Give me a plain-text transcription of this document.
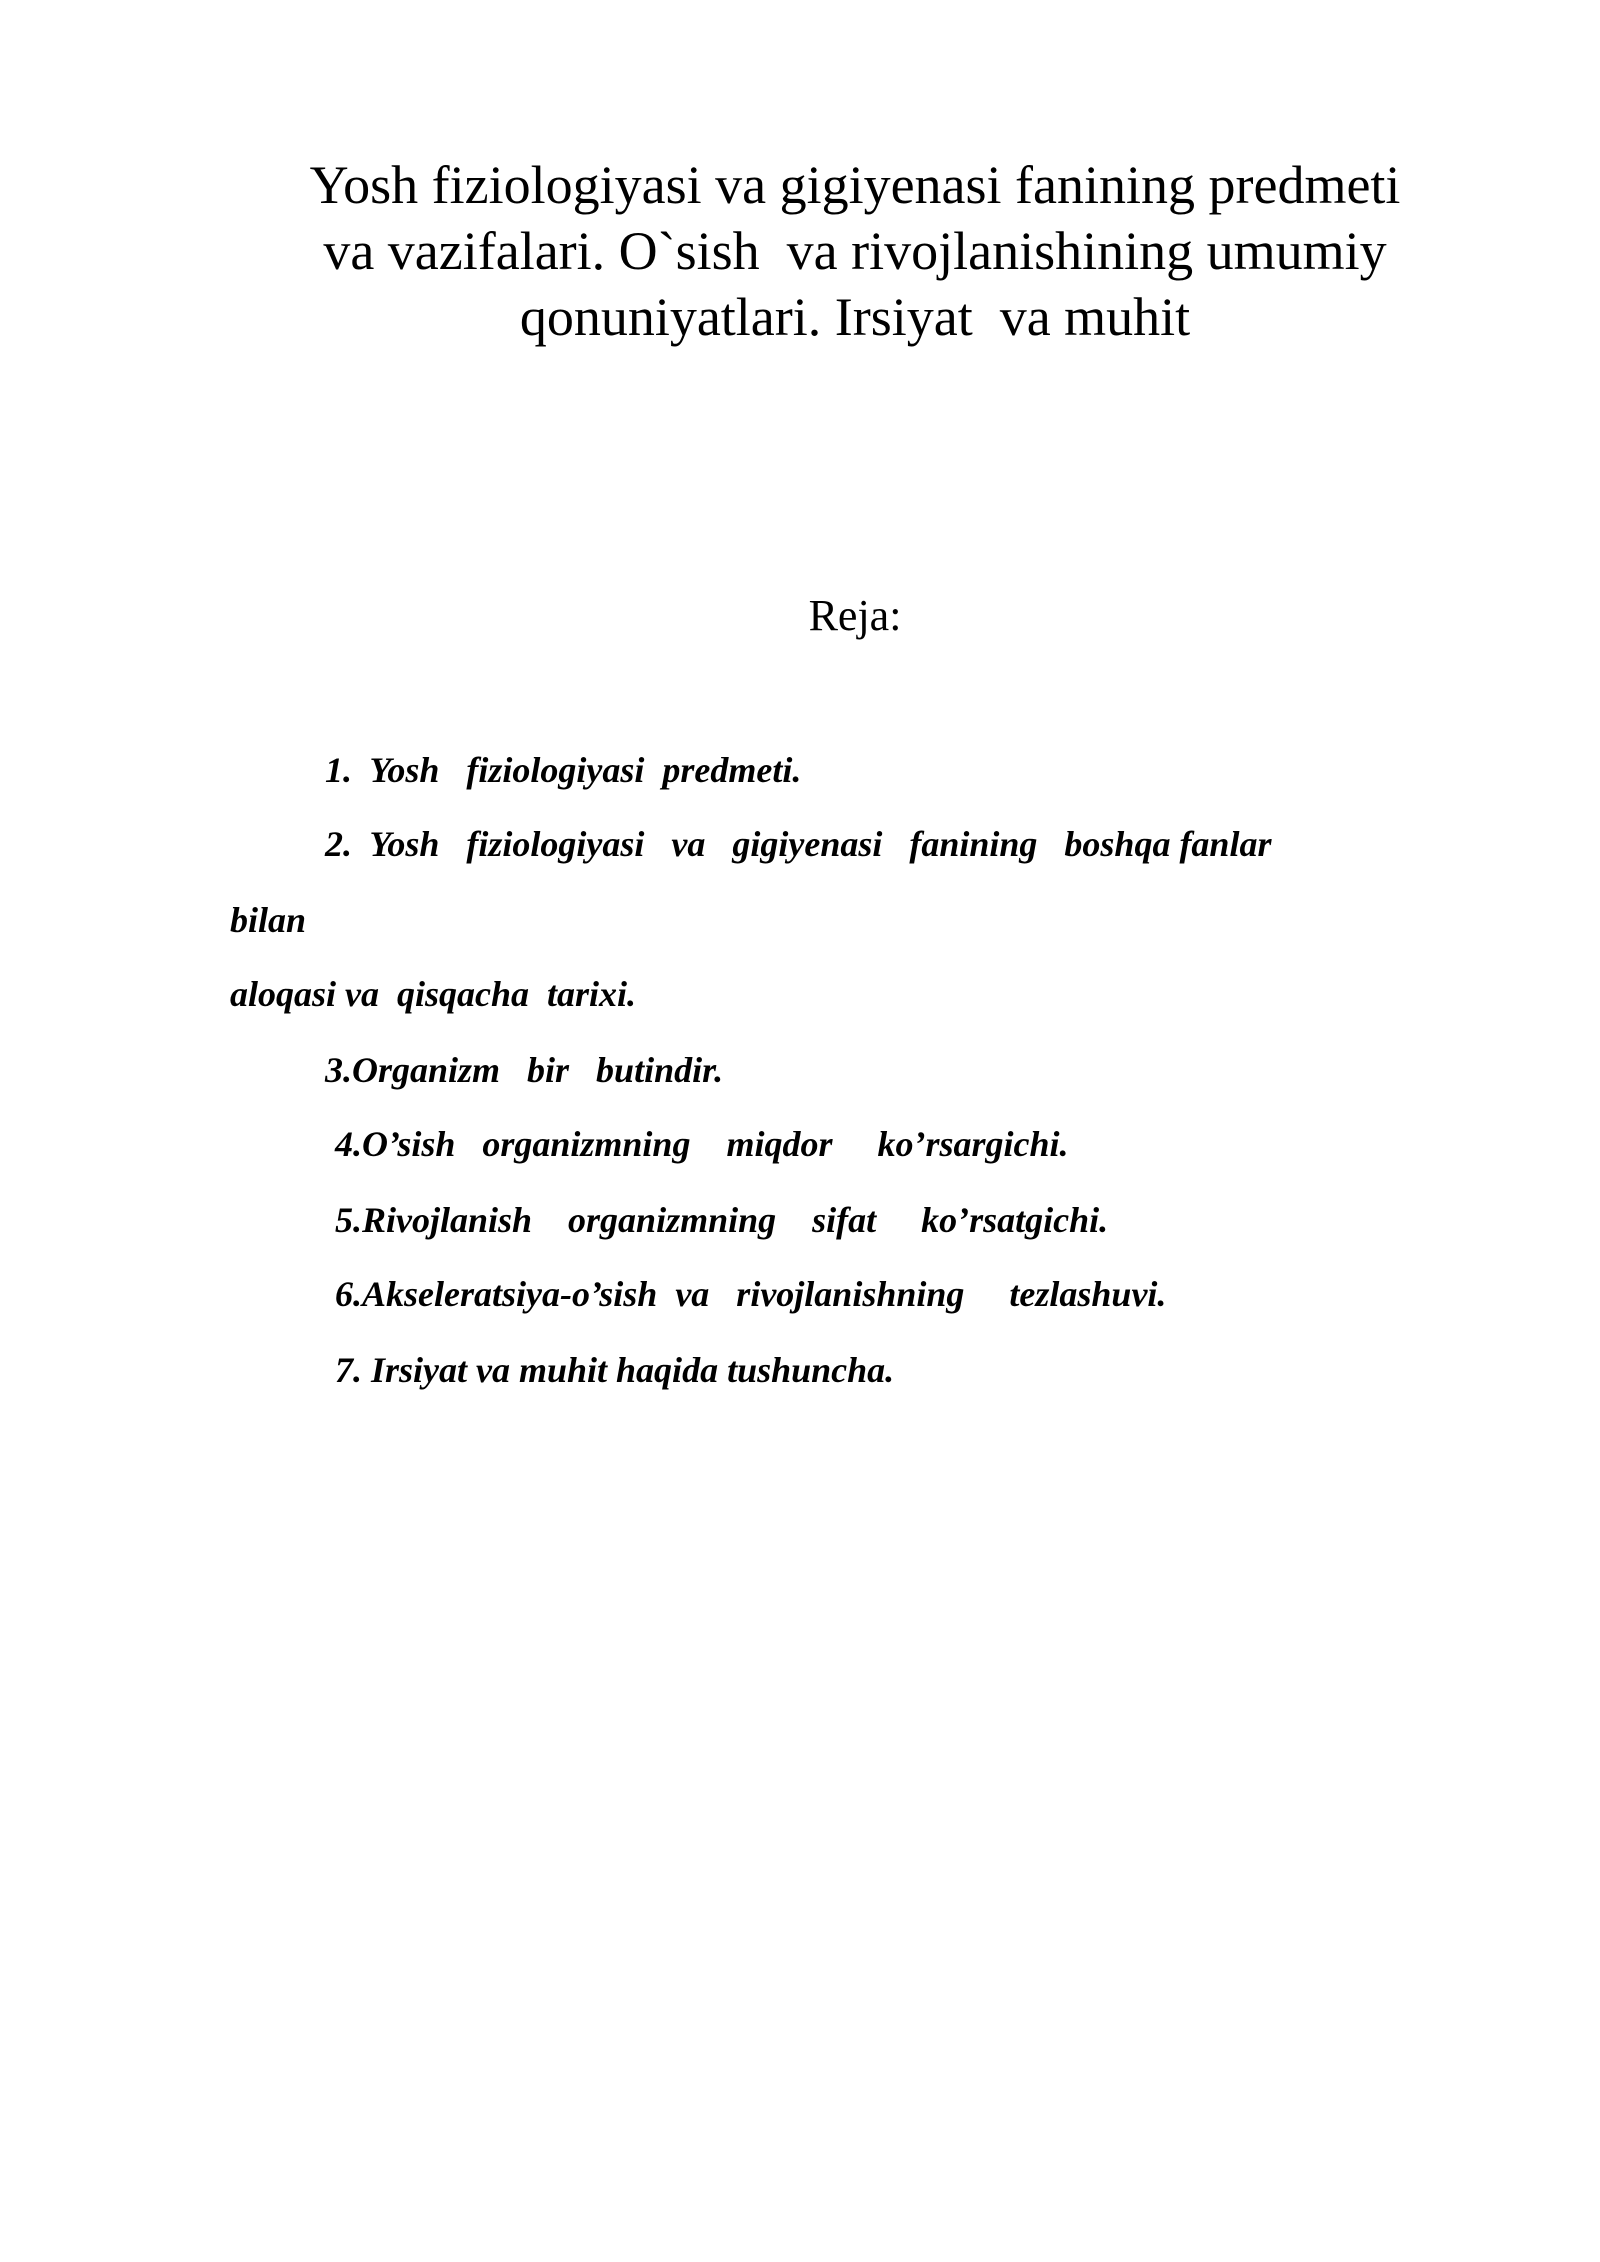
Yosh fiziologiyasi va gigiyenasi fanining predmeti
va vazifalari. O`sish  va rivojlanishining umumiy
qonuniyatlari. Irsiyat  va muhit
Reja:
1.  Yosh   fiziologiyasi  predmeti.
2.  Yosh   fiziologiyasi   va   gigiyenasi   fanining   boshqa fanlar
bilan
aloqasi va  qisqacha  tarixi.
3.Organizm   bir   butindir.
4.O’sish   organizmning    miqdor     ko’rsargichi.
5.Rivojlanish    organizmning    sifat     ko’rsatgichi.
6.Akseleratsiya-o’sish  va   rivojlanishning     tezlashuvi.
7. Irsiyat va muhit haqida tushuncha.
